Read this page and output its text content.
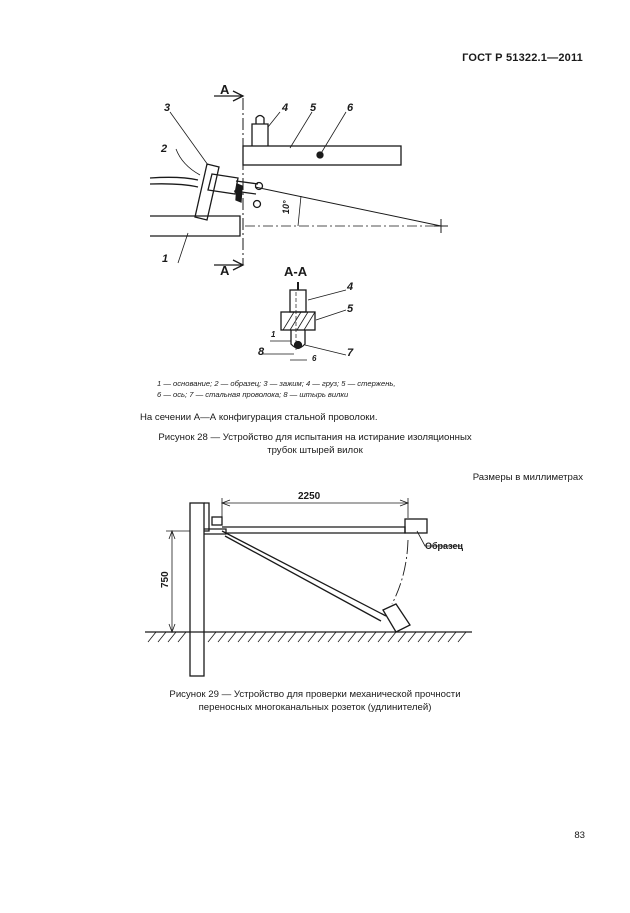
ГОСТ Р 51322.1—2011
А
А
10°
1
2
3	4 5	6
А-А
4
5
1
8
6	7
2250
750
Образец
1 — основание; 2 — образец; 3 — зажим; 4 — груз; 5 — стержень,
6 — ось; 7 — стальная проволока; 8 — штырь вилки
На сечении А—А конфигурация стальной проволоки.
Рисунок 28 — Устройство для испытания на истирание изоляционных
трубок штырей вилок
Размеры в миллиметрах
Рисунок 29 — Устройство для проверки механической прочности
переносных многоканальных розеток (удлинителей)
83
